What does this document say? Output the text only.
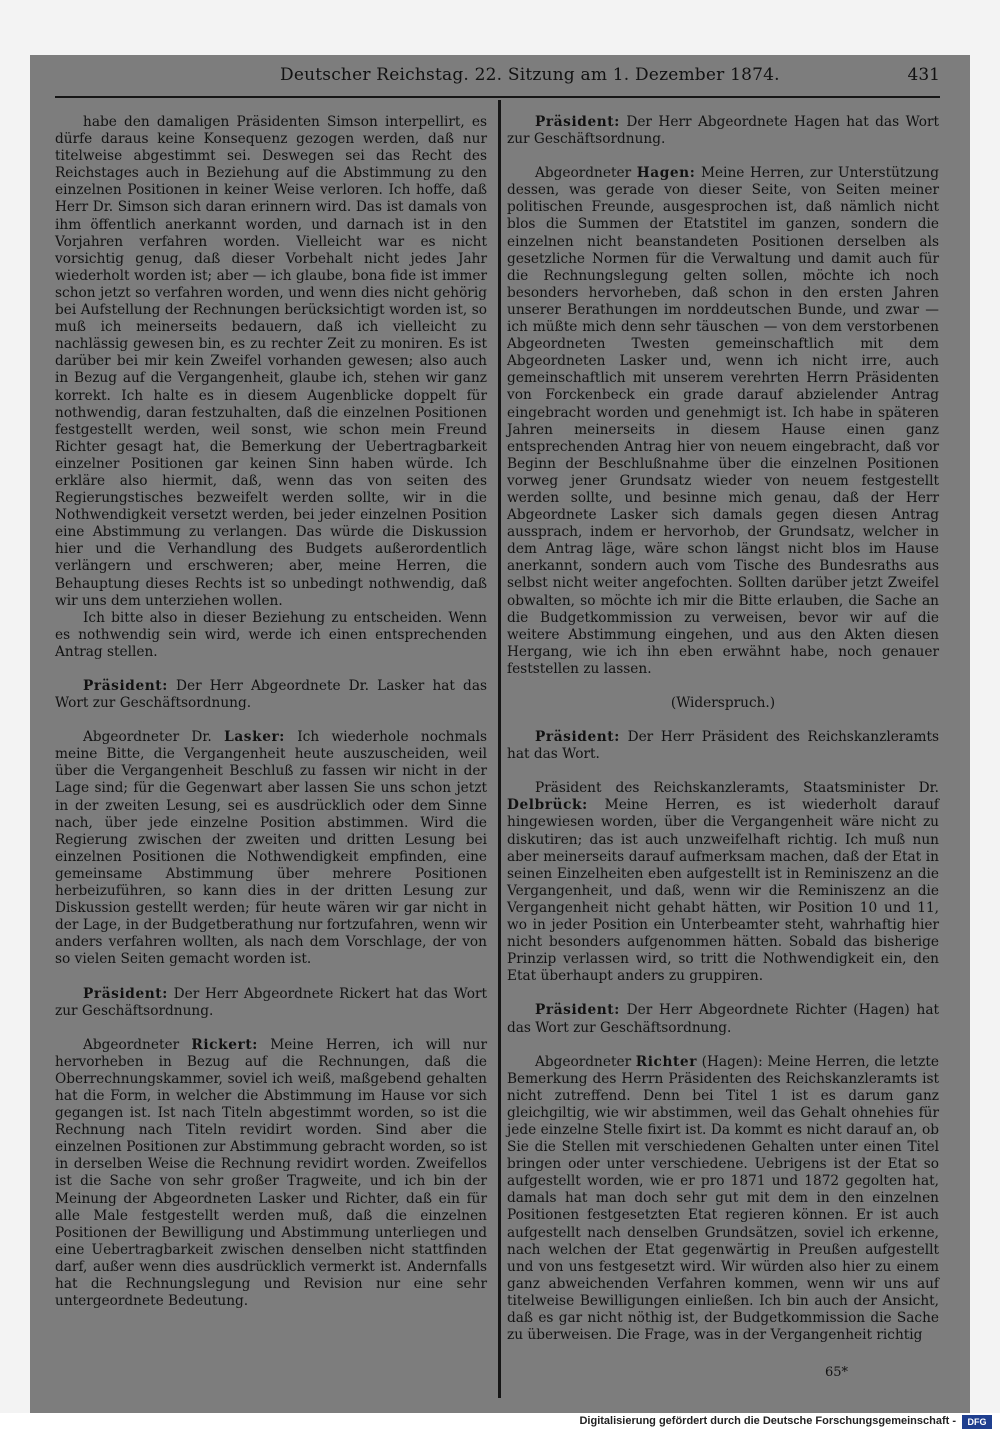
Deutscher Reichstag. 22. Sitzung am 1. Dezember 1874.	431

habe den damaligen Präsidenten Simson interpellirt, es dürfe daraus keine Konsequenz gezogen werden, daß nur titelweise abgestimmt sei. Deswegen sei das Recht des Reichstages auch in Beziehung auf die Abstimmung zu den einzelnen Positionen in keiner Weise verloren. Ich hoffe, daß Herr Dr. Simson sich daran erinnern wird. Das ist damals von ihm öffentlich anerkannt worden, und darnach ist in den Vorjahren verfahren worden. Vielleicht war es nicht vorsichtig genug, daß dieser Vorbehalt nicht jedes Jahr wiederholt worden ist; aber — ich glaube, bona fide ist immer schon jetzt so verfahren worden, und wenn dies nicht gehörig bei Aufstellung der Rechnungen berücksichtigt worden ist, so muß ich meinerseits bedauern, daß ich vielleicht zu nachlässig gewesen bin, es zu rechter Zeit zu moniren. Es ist darüber bei mir kein Zweifel vorhanden gewesen; also auch in Bezug auf die Vergangenheit, glaube ich, stehen wir ganz korrekt. Ich halte es in diesem Augenblicke doppelt für nothwendig, daran festzuhalten, daß die einzelnen Positionen festgestellt werden, weil sonst, wie schon mein Freund Richter gesagt hat, die Bemerkung der Uebertragbarkeit einzelner Positionen gar keinen Sinn haben würde. Ich erkläre also hiermit, daß, wenn das von seiten des Regierungstisches bezweifelt werden sollte, wir in die Nothwendigkeit versetzt werden, bei jeder einzelnen Position eine Abstimmung zu verlangen. Das würde die Diskussion hier und die Verhandlung des Budgets außerordentlich verlängern und erschweren; aber, meine Herren, die Behauptung dieses Rechts ist so unbedingt nothwendig, daß wir uns dem unterziehen wollen.

Ich bitte also in dieser Beziehung zu entscheiden. Wenn es nothwendig sein wird, werde ich einen entsprechenden Antrag stellen.

Präsident: Der Herr Abgeordnete Dr. Lasker hat das Wort zur Geschäftsordnung.

Abgeordneter Dr. Lasker: Ich wiederhole nochmals meine Bitte, die Vergangenheit heute auszuscheiden, weil über die Vergangenheit Beschluß zu fassen wir nicht in der Lage sind; für die Gegenwart aber lassen Sie uns schon jetzt in der zweiten Lesung, sei es ausdrücklich oder dem Sinne nach, über jede einzelne Position abstimmen. Wird die Regierung zwischen der zweiten und dritten Lesung bei einzelnen Positionen die Nothwendigkeit empfinden, eine gemeinsame Abstimmung über mehrere Positionen herbeizuführen, so kann dies in der dritten Lesung zur Diskussion gestellt werden; für heute wären wir gar nicht in der Lage, in der Budgetberathung nur fortzufahren, wenn wir anders verfahren wollten, als nach dem Vorschlage, der von so vielen Seiten gemacht worden ist.

Präsident: Der Herr Abgeordnete Rickert hat das Wort zur Geschäftsordnung.

Abgeordneter Rickert: Meine Herren, ich will nur hervorheben in Bezug auf die Rechnungen, daß die Oberrechnungskammer, soviel ich weiß, maßgebend gehalten hat die Form, in welcher die Abstimmung im Hause vor sich gegangen ist. Ist nach Titeln abgestimmt worden, so ist die Rechnung nach Titeln revidirt worden. Sind aber die einzelnen Positionen zur Abstimmung gebracht worden, so ist in derselben Weise die Rechnung revidirt worden. Zweifellos ist die Sache von sehr großer Tragweite, und ich bin der Meinung der Abgeordneten Lasker und Richter, daß ein für alle Male festgestellt werden muß, daß die einzelnen Positionen der Bewilligung und Abstimmung unterliegen und eine Uebertragbarkeit zwischen denselben nicht stattfinden darf, außer wenn dies ausdrücklich vermerkt ist. Andernfalls hat die Rechnungslegung und Revision nur eine sehr untergeordnete Bedeutung.

Präsident: Der Herr Abgeordnete Hagen hat das Wort zur Geschäftsordnung.

Abgeordneter Hagen: Meine Herren, zur Unterstützung dessen, was gerade von dieser Seite, von Seiten meiner politischen Freunde, ausgesprochen ist, daß nämlich nicht blos die Summen der Etatstitel im ganzen, sondern die einzelnen nicht beanstandeten Positionen derselben als gesetzliche Normen für die Verwaltung und damit auch für die Rechnungslegung gelten sollen, möchte ich noch besonders hervorheben, daß schon in den ersten Jahren unserer Berathungen im norddeutschen Bunde, und zwar — ich müßte mich denn sehr täuschen — von dem verstorbenen Abgeordneten Twesten gemeinschaftlich mit dem Abgeordneten Lasker und, wenn ich nicht irre, auch gemeinschaftlich mit unserem verehrten Herrn Präsidenten von Forckenbeck ein grade darauf abzielender Antrag eingebracht worden und genehmigt ist. Ich habe in späteren Jahren meinerseits in diesem Hause einen ganz entsprechenden Antrag hier von neuem eingebracht, daß vor Beginn der Beschlußnahme über die einzelnen Positionen vorweg jener Grundsatz wieder von neuem festgestellt werden sollte, und besinne mich genau, daß der Herr Abgeordnete Lasker sich damals gegen diesen Antrag aussprach, indem er hervorhob, der Grundsatz, welcher in dem Antrag läge, wäre schon längst nicht blos im Hause anerkannt, sondern auch vom Tische des Bundesraths aus selbst nicht weiter angefochten. Sollten darüber jetzt Zweifel obwalten, so möchte ich mir die Bitte erlauben, die Sache an die Budgetkommission zu verweisen, bevor wir auf die weitere Abstimmung eingehen, und aus den Akten diesen Hergang, wie ich ihn eben erwähnt habe, noch genauer feststellen zu lassen.

(Widerspruch.)

Präsident: Der Herr Präsident des Reichskanzleramts hat das Wort.

Präsident des Reichskanzleramts, Staatsminister Dr. Delbrück: Meine Herren, es ist wiederholt darauf hingewiesen worden, über die Vergangenheit wäre nicht zu diskutiren; das ist auch unzweifelhaft richtig. Ich muß nun aber meinerseits darauf aufmerksam machen, daß der Etat in seinen Einzelheiten eben aufgestellt ist in Reminiszenz an die Vergangenheit, und daß, wenn wir die Reminiszenz an die Vergangenheit nicht gehabt hätten, wir Position 10 und 11, wo in jeder Position ein Unterbeamter steht, wahrhaftig hier nicht besonders aufgenommen hätten. Sobald das bisherige Prinzip verlassen wird, so tritt die Nothwendigkeit ein, den Etat überhaupt anders zu gruppiren.

Präsident: Der Herr Abgeordnete Richter (Hagen) hat das Wort zur Geschäftsordnung.

Abgeordneter Richter (Hagen): Meine Herren, die letzte Bemerkung des Herrn Präsidenten des Reichskanzleramts ist nicht zutreffend. Denn bei Titel 1 ist es darum ganz gleichgiltig, wie wir abstimmen, weil das Gehalt ohnehies für jede einzelne Stelle fixirt ist. Da kommt es nicht darauf an, ob Sie die Stellen mit verschiedenen Gehalten unter einen Titel bringen oder unter verschiedene. Uebrigens ist der Etat so aufgestellt worden, wie er pro 1871 und 1872 gegolten hat, damals hat man doch sehr gut mit dem in den einzelnen Positionen festgesetzten Etat regieren können. Er ist auch aufgestellt nach denselben Grundsätzen, soviel ich erkenne, nach welchen der Etat gegenwärtig in Preußen aufgestellt und von uns festgesetzt wird. Wir würden also hier zu einem ganz abweichenden Verfahren kommen, wenn wir uns auf titelweise Bewilligungen einließen. Ich bin auch der Ansicht, daß es gar nicht nöthig ist, der Budgetkommission die Sache zu überweisen. Die Frage, was in der Vergangenheit richtig

65*
Digitalisierung gefördert durch die Deutsche Forschungsgemeinschaft -	DFG
